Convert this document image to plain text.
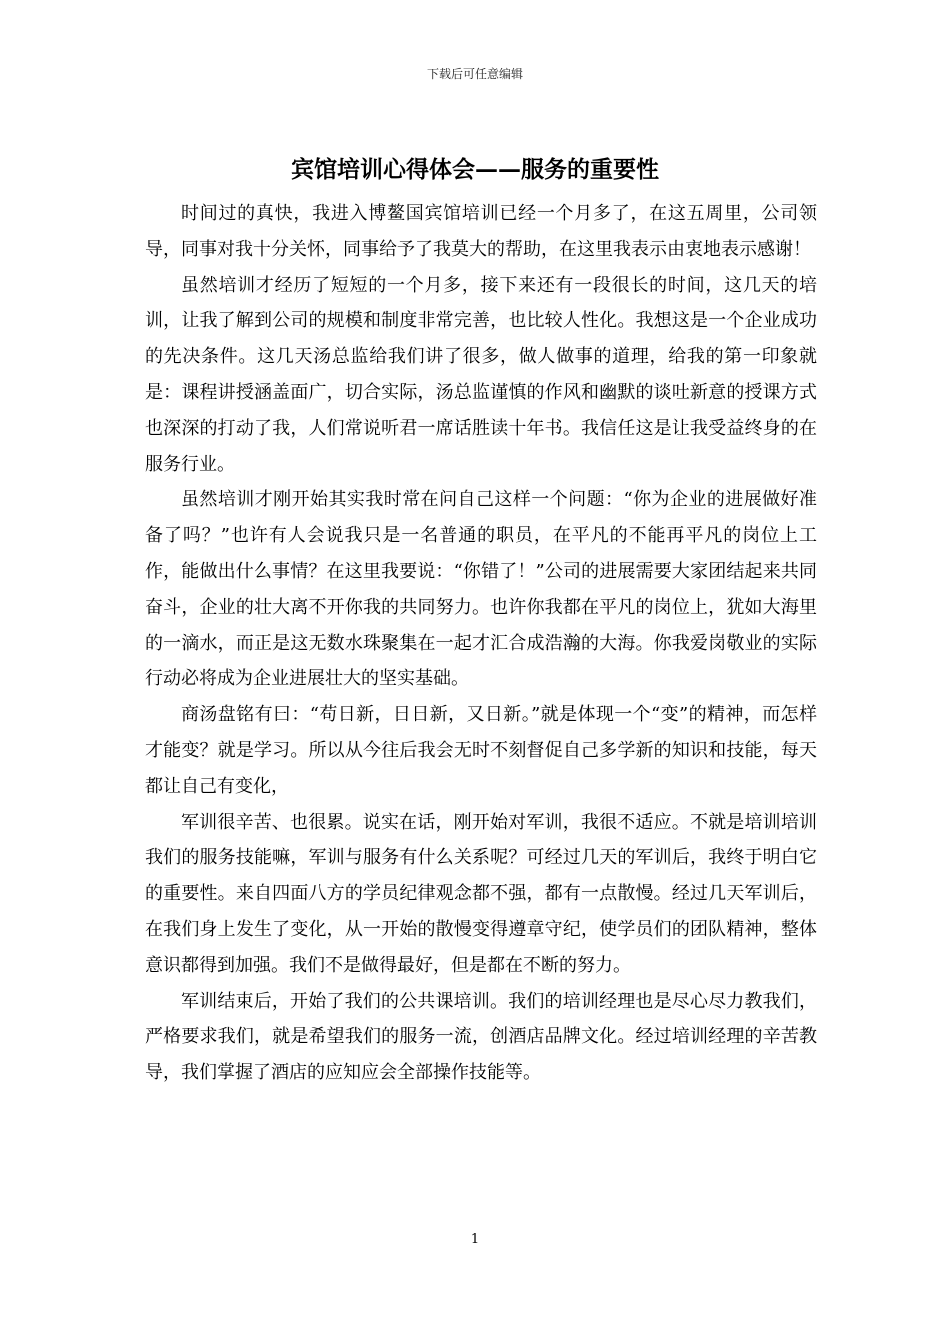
下载后可任意编辑
宾馆培训心得体会——服务的重要性

时间过的真快，我进入博鳌国宾馆培训已经一个月多了，在这五周里，公司领导，同事对我十分关怀，同事给予了我莫大的帮助，在这里我表示由衷地表示感谢！

虽然培训才经历了短短的一个月多，接下来还有一段很长的时间，这几天的培训，让我了解到公司的规模和制度非常完善，也比较人性化。我想这是一个企业成功的先决条件。这几天汤总监给我们讲了很多，做人做事的道理，给我的第一印象就是：课程讲授涵盖面广，切合实际，汤总监谨慎的作风和幽默的谈吐新意的授课方式也深深的打动了我，人们常说听君一席话胜读十年书。我信任这是让我受益终身的在服务行业。

虽然培训才刚开始其实我时常在问自己这样一个问题：“你为企业的进展做好准备了吗？”也许有人会说我只是一名普通的职员，在平凡的不能再平凡的岗位上工作，能做出什么事情？在这里我要说：“你错了！”公司的进展需要大家团结起来共同奋斗，企业的壮大离不开你我的共同努力。也许你我都在平凡的岗位上，犹如大海里的一滴水，而正是这无数水珠聚集在一起才汇合成浩瀚的大海。你我爱岗敬业的实际行动必将成为企业进展壮大的坚实基础。

商汤盘铭有曰：“苟日新，日日新，又日新。”就是体现一个“变”的精神，而怎样才能变？就是学习。所以从今往后我会无时不刻督促自己多学新的知识和技能，每天都让自己有变化，

军训很辛苦、也很累。说实在话，刚开始对军训，我很不适应。不就是培训培训我们的服务技能嘛，军训与服务有什么关系呢？可经过几天的军训后，我终于明白它的重要性。来自四面八方的学员纪律观念都不强，都有一点散慢。经过几天军训后，在我们身上发生了变化，从一开始的散慢变得遵章守纪，使学员们的团队精神，整体意识都得到加强。我们不是做得最好，但是都在不断的努力。

军训结束后，开始了我们的公共课培训。我们的培训经理也是尽心尽力教我们，严格要求我们，就是希望我们的服务一流，创酒店品牌文化。经过培训经理的辛苦教导，我们掌握了酒店的应知应会全部操作技能等。

1
